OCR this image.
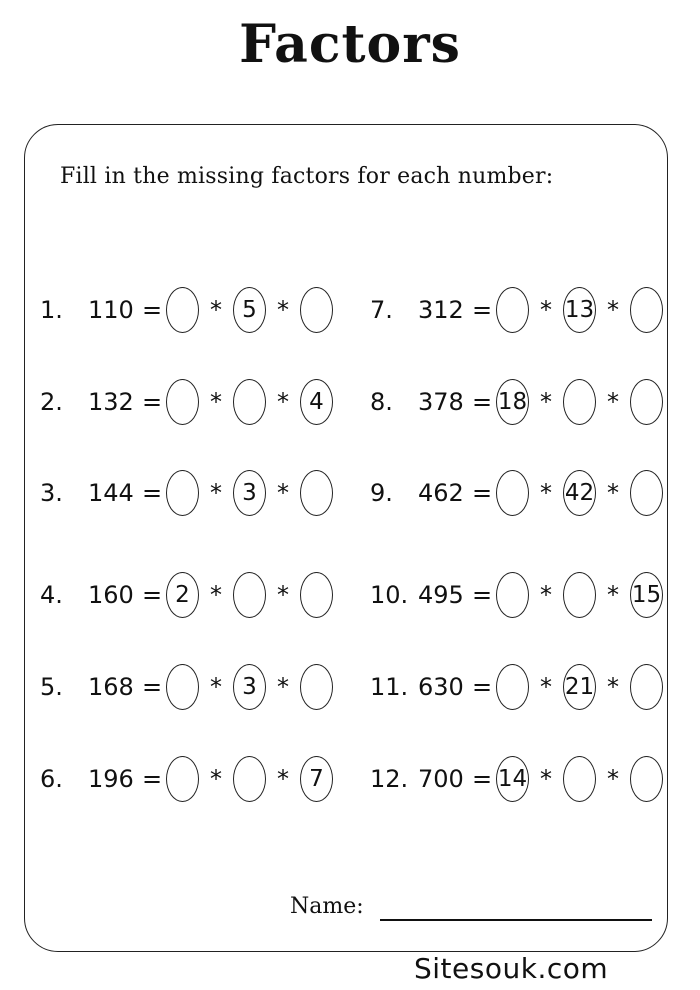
Factors
Fill in the missing factors for each number:
1.	110 =	* 5 *
2.	132 =	*	* 4
3.	144 =	* 3 *
4.	160 = 2 *	*
5.	168 =	* 3 *
6.	196 =	*	* 7
7.	312 =	* 13 *
8.	378 = 18 *	*
9.	462 =	* 42 *
10. 495 =	*	* 15
11. 630 =	* 21 *
12. 700 = 14 *	*
Name:
Sitesouk.com
